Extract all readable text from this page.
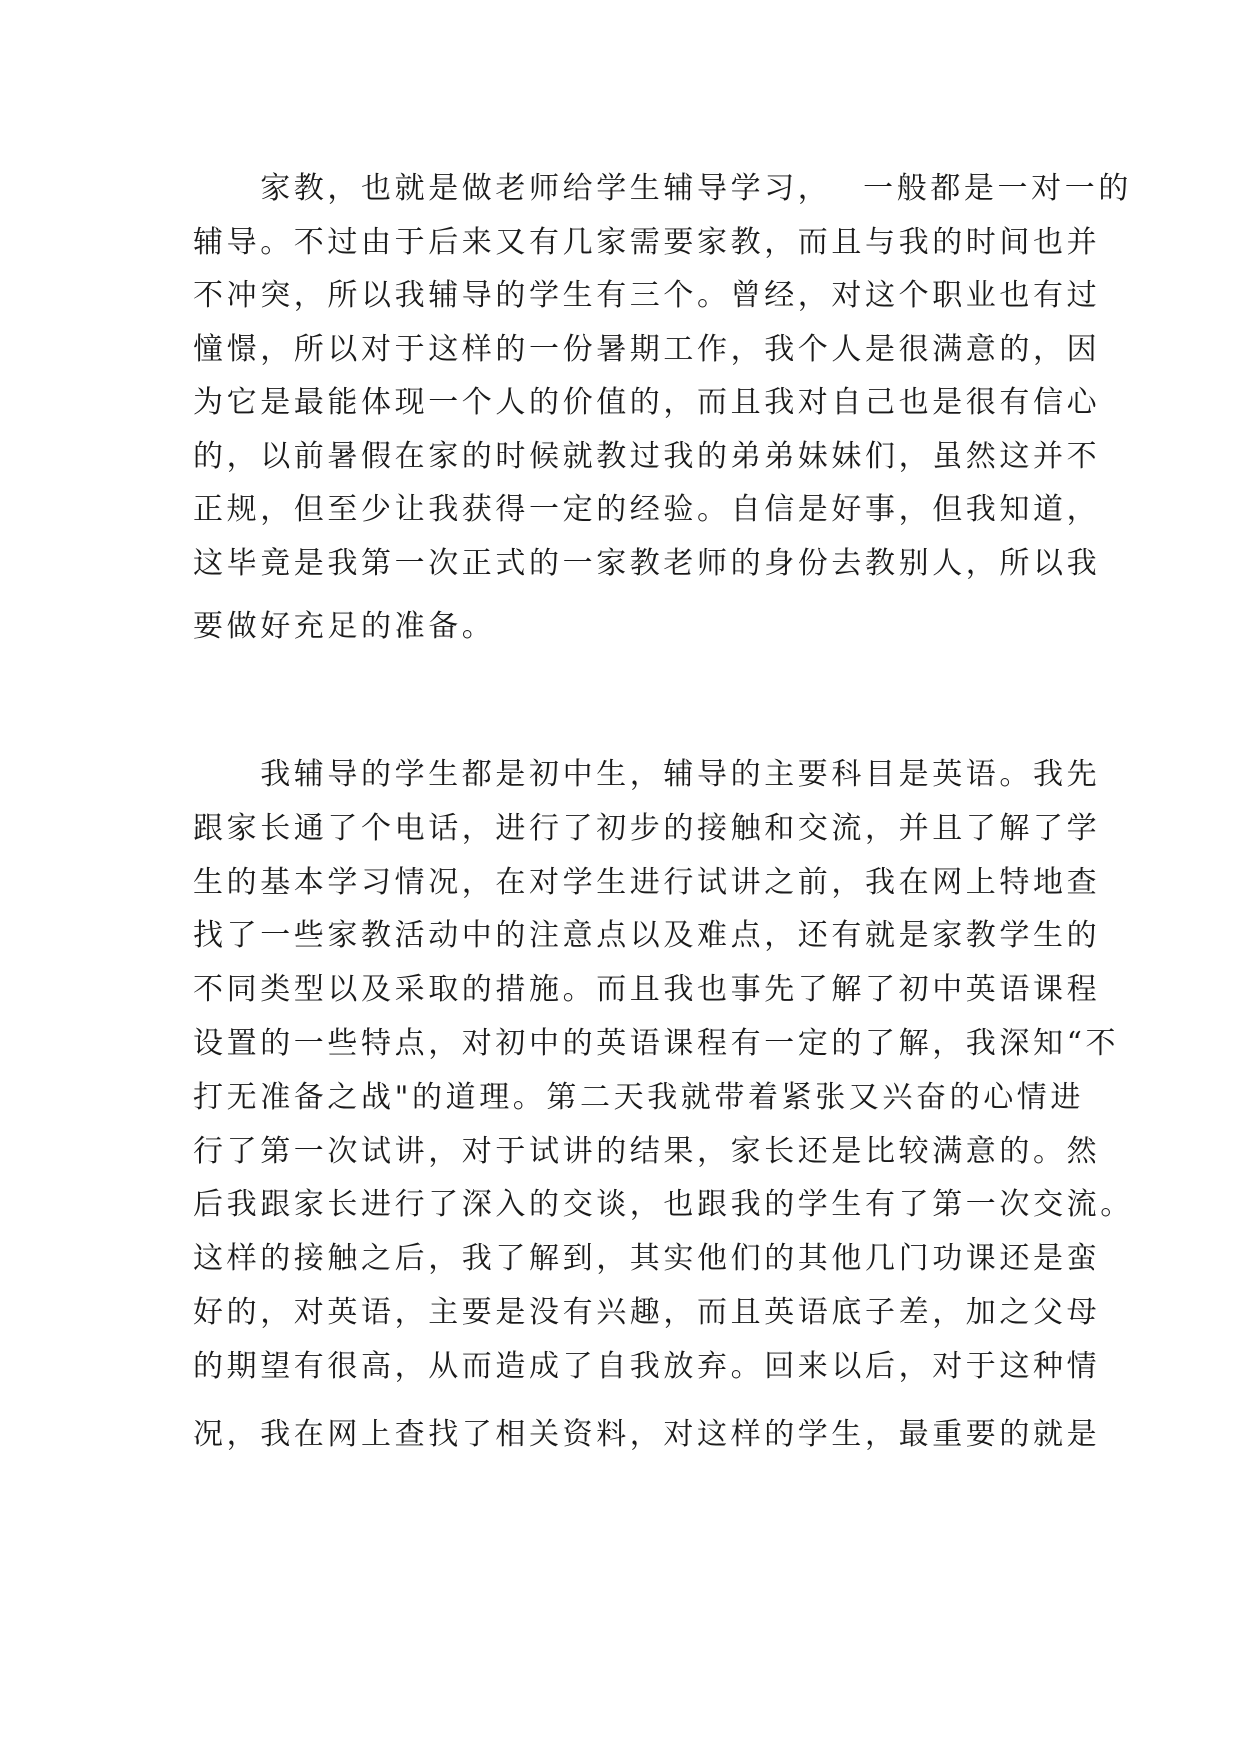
　　家教，也就是做老师给学生辅导学习，　 一般都是一对一的
辅导。不过由于后来又有几家需要家教，而且与我的时间也并
不冲突，所以我辅导的学生有三个。曾经，对这个职业也有过
憧憬，所以对于这样的一份暑期工作，我个人是很满意的，因
为它是最能体现一个人的价值的，而且我对自己也是很有信心
的，以前暑假在家的时候就教过我的弟弟妹妹们，虽然这并不
正规，但至少让我获得一定的经验。自信是好事，但我知道，
这毕竟是我第一次正式的一家教老师的身份去教别人，所以我
要做好充足的准备。
　　我辅导的学生都是初中生，辅导的主要科目是英语。我先
跟家长通了个电话，进行了初步的接触和交流，并且了解了学
生的基本学习情况，在对学生进行试讲之前，我在网上特地查
找了一些家教活动中的注意点以及难点，还有就是家教学生的
不同类型以及采取的措施。而且我也事先了解了初中英语课程
设置的一些特点，对初中的英语课程有一定的了解，我深知“不
打无准备之战"的道理。第二天我就带着紧张又兴奋的心情进
行了第一次试讲，对于试讲的结果，家长还是比较满意的。然
后我跟家长进行了深入的交谈，也跟我的学生有了第一次交流。
这样的接触之后，我了解到，其实他们的其他几门功课还是蛮
好的，对英语，主要是没有兴趣，而且英语底子差，加之父母
的期望有很高，从而造成了自我放弃。回来以后，对于这种情
况，我在网上查找了相关资料，对这样的学生，最重要的就是
